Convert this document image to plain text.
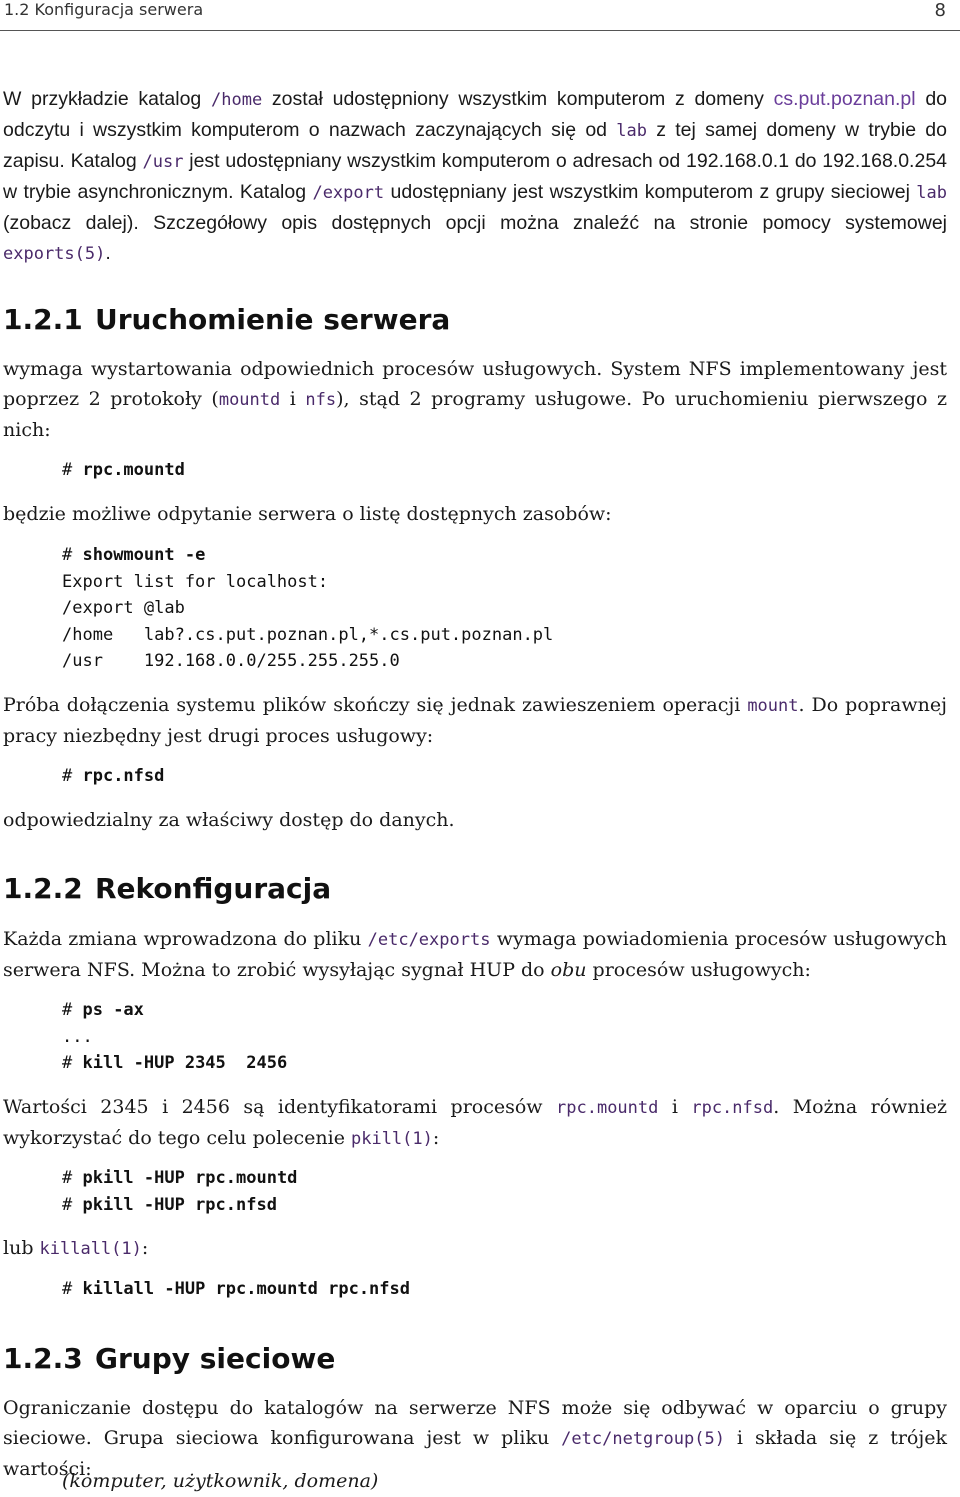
1.2 Konfiguracja serwera	8

W przykładzie katalog /home został udostępniony wszystkim komputerom z domeny cs.put.poznan.pl do odczytu i wszystkim komputerom o nazwach zaczynających się od lab z tej samej domeny w trybie do zapisu. Katalog /usr jest udostępniany wszystkim komputerom o adresach od 192.168.0.1 do 192.168.0.254 w trybie asynchronicznym. Katalog /export udostępniany jest wszystkim komputerom z grupy sieciowej lab (zobacz dalej). Szczegółowy opis dostępnych opcji można znaleźć na stronie pomocy systemowej exports(5).

1.2.1 Uruchomienie serwera

wymaga wystartowania odpowiednich procesów usługowych. System NFS implementowany jest poprzez 2 protokoły (mountd i nfs), stąd 2 programy usługowe. Po uruchomieniu pierwszego z nich:

# rpc.mountd

będzie możliwe odpytanie serwera o listę dostępnych zasobów:

# showmount -e
Export list for localhost:
/export @lab
/home   lab?.cs.put.poznan.pl,*.cs.put.poznan.pl
/usr    192.168.0.0/255.255.255.0

Próba dołączenia systemu plików skończy się jednak zawieszeniem operacji mount. Do poprawnej pracy niezbędny jest drugi proces usługowy:

# rpc.nfsd

odpowiedzialny za właściwy dostęp do danych.

1.2.2 Rekonfiguracja

Każda zmiana wprowadzona do pliku /etc/exports wymaga powiadomienia procesów usługowych serwera NFS. Można to zrobić wysyłając sygnał HUP do obu procesów usługowych:

# ps -ax
...
# kill -HUP 2345  2456

Wartości 2345 i 2456 są identyfikatorami procesów rpc.mountd i rpc.nfsd. Można również wykorzystać do tego celu polecenie pkill(1):

# pkill -HUP rpc.mountd
# pkill -HUP rpc.nfsd

lub killall(1):

# killall -HUP rpc.mountd rpc.nfsd
1.2.3 Grupy sieciowe

Ograniczanie dostępu do katalogów na serwerze NFS może się odbywać w oparciu o grupy sieciowe. Grupa sieciowa konfigurowana jest w pliku /etc/netgroup(5) i składa się z trójek wartości:

(komputer, użytkownik, domena)
